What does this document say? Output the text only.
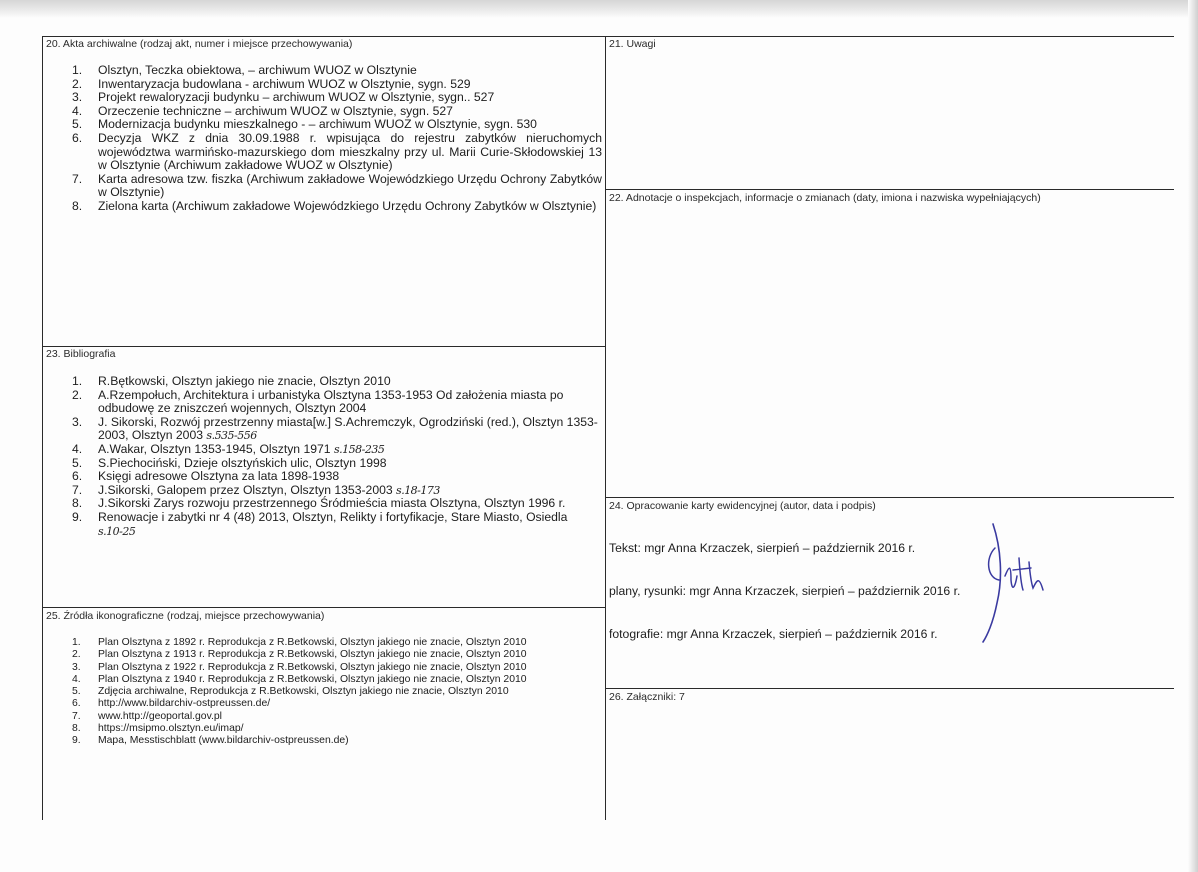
20. Akta archiwalne (rodzaj akt, numer i miejsce przechowywania)
1. Olsztyn, Teczka obiektowa, – archiwum WUOZ w Olsztynie
2. Inwentaryzacja budowlana - archiwum WUOZ w Olsztynie, sygn. 529
3. Projekt rewaloryzacji budynku – archiwum WUOZ w Olsztynie, sygn.. 527
4. Orzeczenie techniczne – archiwum WUOZ w Olsztynie, sygn. 527
5. Modernizacja budynku mieszkalnego - – archiwum WUOZ w Olsztynie, sygn. 530
6. Decyzja WKZ z dnia 30.09.1988 r. wpisująca do rejestru zabytków nieruchomych województwa warmińsko-mazurskiego dom mieszkalny przy ul. Marii Curie-Skłodowskiej 13 w Olsztynie (Archiwum zakładowe WUOZ w Olsztynie)
7. Karta adresowa tzw. fiszka (Archiwum zakładowe Wojewódzkiego Urzędu Ochrony Zabytków w Olsztynie)
8. Zielona karta (Archiwum zakładowe Wojewódzkiego Urzędu Ochrony Zabytków w Olsztynie)
21. Uwagi
22. Adnotacje o inspekcjach, informacje o zmianach (daty, imiona i nazwiska wypełniających)
23. Bibliografia
1. R.Bętkowski, Olsztyn jakiego nie znacie, Olsztyn 2010
2. A.Rzempołuch, Architektura i urbanistyka Olsztyna 1353-1953 Od założenia miasta po odbudowę ze zniszczeń wojennych, Olsztyn 2004
3. J. Sikorski, Rozwój przestrzenny miasta[w.] S.Achremczyk, Ogrodziński (red.), Olsztyn 1353-2003, Olsztyn 2003 s.535-556
4. A.Wakar, Olsztyn 1353-1945, Olsztyn 1971 s.158-235
5. S.Piechociński, Dzieje olsztyńskich ulic, Olsztyn 1998
6. Księgi adresowe Olsztyna za lata 1898-1938
7. J.Sikorski, Galopem przez Olsztyn, Olsztyn 1353-2003 s.18-173
8. J.Sikorski Zarys rozwoju przestrzennego Śródmieścia miasta Olsztyna, Olsztyn 1996 r.
9. Renowacje i zabytki nr 4 (48) 2013, Olsztyn, Relikty i fortyfikacje, Stare Miasto, Osiedla
s.10-25
24. Opracowanie karty ewidencyjnej (autor, data i podpis)
Tekst: mgr Anna Krzaczek, sierpień – październik 2016 r.
plany, rysunki: mgr Anna Krzaczek, sierpień – październik 2016 r.
fotografie: mgr Anna Krzaczek, sierpień – październik 2016 r.
25. Źródła ikonograficzne (rodzaj, miejsce przechowywania)
1. Plan Olsztyna z 1892 r. Reprodukcja z R.Betkowski, Olsztyn jakiego nie znacie, Olsztyn 2010
2. Plan Olsztyna z 1913 r. Reprodukcja z R.Betkowski, Olsztyn jakiego nie znacie, Olsztyn 2010
3. Plan Olsztyna z 1922 r. Reprodukcja z R.Betkowski, Olsztyn jakiego nie znacie, Olsztyn 2010
4. Plan Olsztyna z 1940 r. Reprodukcja z R.Betkowski, Olsztyn jakiego nie znacie, Olsztyn 2010
5. Zdjęcia archiwalne, Reprodukcja z R.Betkowski, Olsztyn jakiego nie znacie, Olsztyn 2010
6. http://www.bildarchiv-ostpreussen.de/
7. www.http://geoportal.gov.pl
8. https://msipmo.olsztyn.eu/imap/
9. Mapa, Messtischblatt (www.bildarchiv-ostpreussen.de)
26. Załączniki: 7
